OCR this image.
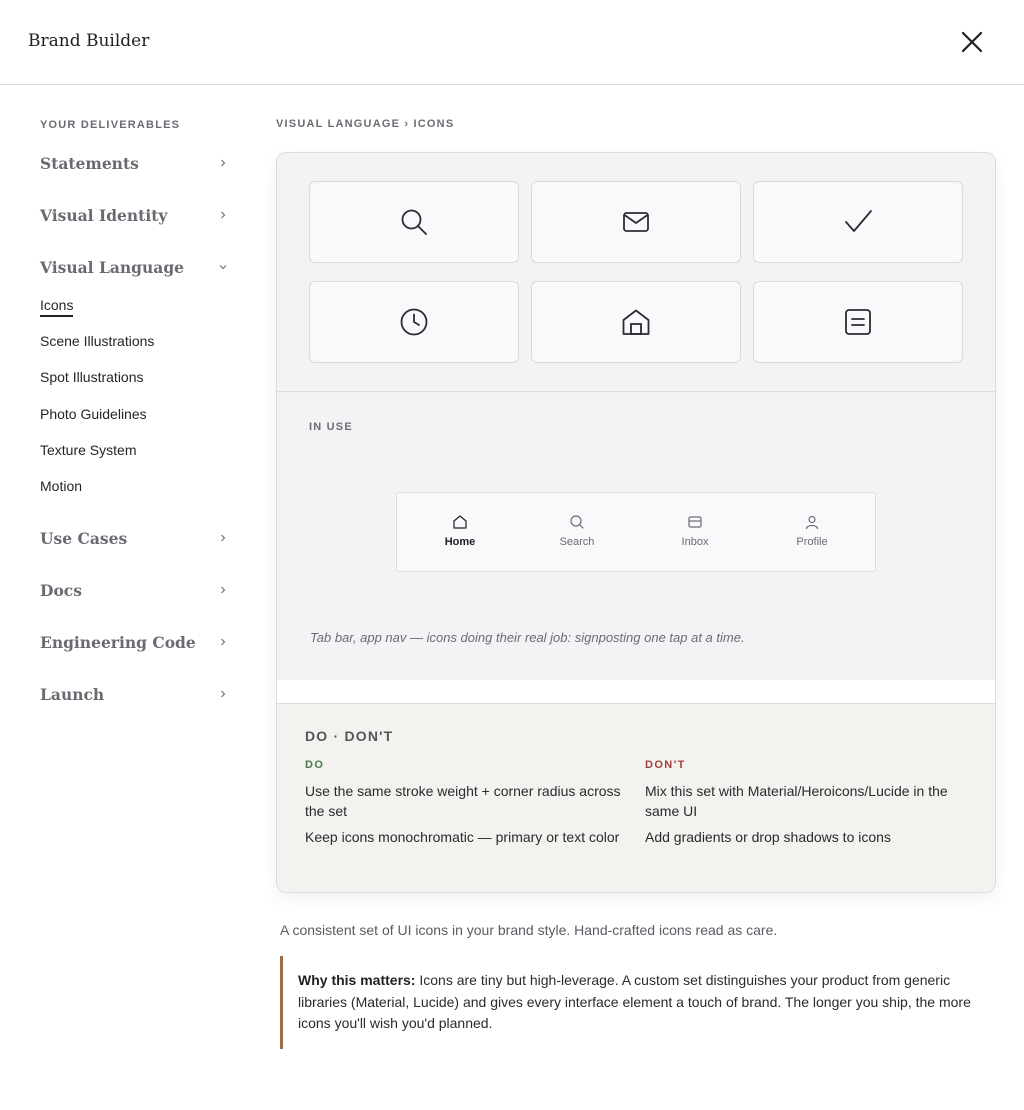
Brand Builder
YOUR DELIVERABLES
Statements
Visual Identity
Visual Language
Icons
Scene Illustrations
Spot Illustrations
Photo Guidelines
Texture System
Motion
Use Cases
Docs
Engineering Code
Launch
VISUAL LANGUAGE › ICONS
IN USE
Home	Search	Inbox	Profile
Tab bar, app nav — icons doing their real job: signposting one tap at a time.
DO · DON'T
DO
Use the same stroke weight + corner radius across the set
Keep icons monochromatic — primary or text color
DON'T
Mix this set with Material/Heroicons/Lucide in the same UI
Add gradients or drop shadows to icons
A consistent set of UI icons in your brand style. Hand-crafted icons read as care.
Why this matters: Icons are tiny but high-leverage. A custom set distinguishes your product from generic libraries (Material, Lucide) and gives every interface element a touch of brand. The longer you ship, the more icons you'll wish you'd planned.
